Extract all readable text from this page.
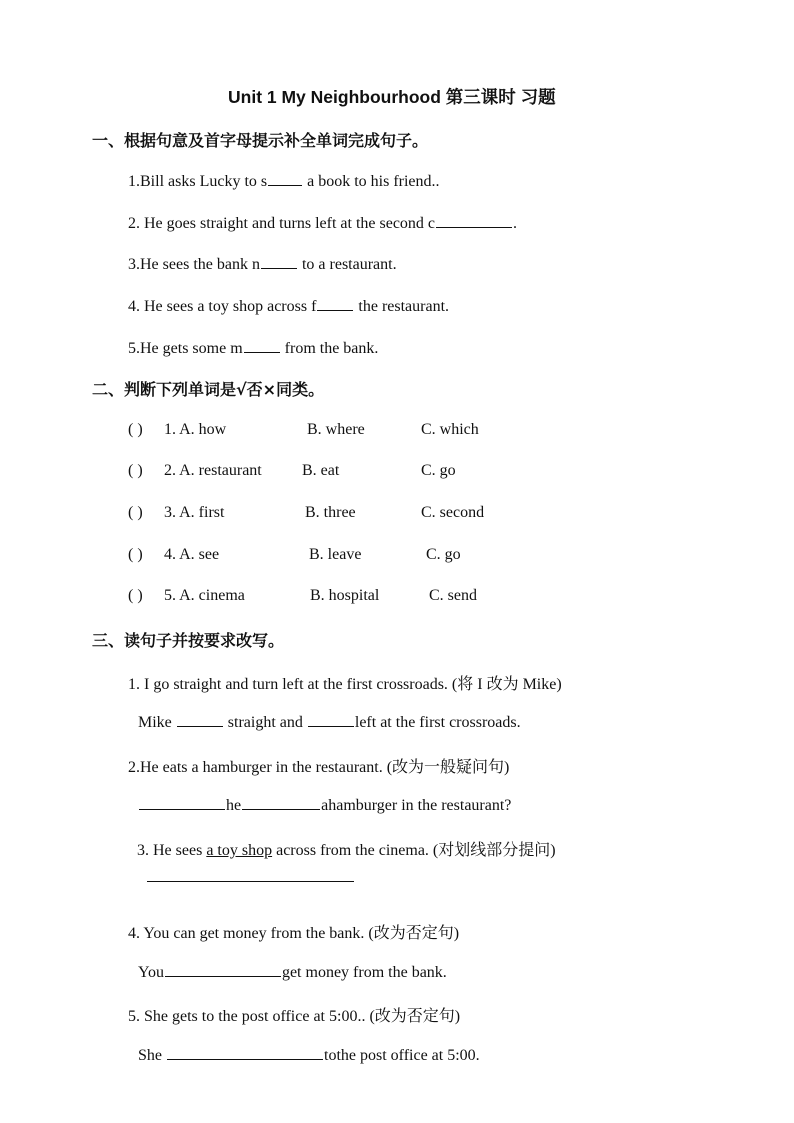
Unit 1 My Neighbourhood 第三课时 习题
一、根据句意及首字母提示补全单词完成句子。
1.Bill asks Lucky to s a book to his friend..
2. He goes straight and turns left at the second c	.
3.He sees the bank n to a restaurant.
4. He sees a toy shop across f the restaurant.
5.He gets some m from the bank.
二、判断下列单词是√否×同类。
( ) 1. A. how	B. where	C. which
( ) 2. A. restaurant	B. eat	C. go
( ) 3. A. first	B. three	C. second
( ) 4. A. see	B. leave	C. go
( ) 5. A. cinema	B. hospital	C. send
三、读句子并按要求改写。
1. I go straight and turn left at the first crossroads. (将 I 改为 Mike)
Mike	straight and	left at the first crossroads.
2.He eats a hamburger in the restaurant. (改为一般疑问句)
he	ahamburger in the restaurant?
3. He sees a toy shop across from the cinema. (对划线部分提问)
4. You can get money from the bank. (改为否定句)
You	get money from the bank.
5. She gets to the post office at 5:00.. (改为否定句)
She	tothe post office at 5:00.
